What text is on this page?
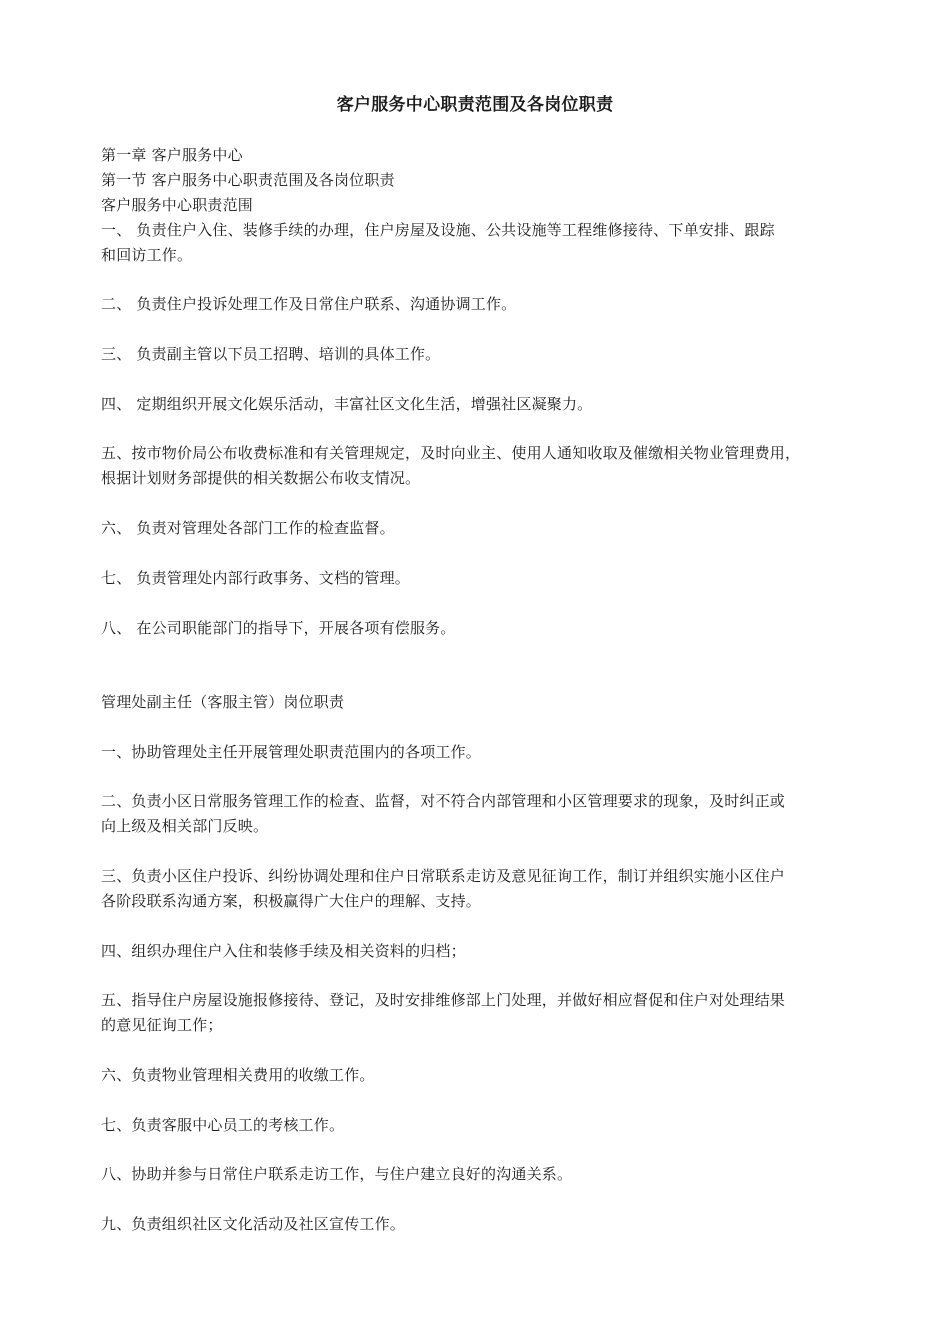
客户服务中心职责范围及各岗位职责
第一章 客户服务中心
第一节 客户服务中心职责范围及各岗位职责
客户服务中心职责范围
一、 负责住户入住、装修手续的办理，住户房屋及设施、公共设施等工程维修接待、下单安排、跟踪
和回访工作。
二、 负责住户投诉处理工作及日常住户联系、沟通协调工作。
三、 负责副主管以下员工招聘、培训的具体工作。
四、 定期组织开展文化娱乐活动，丰富社区文化生活，增强社区凝聚力。
五、按市物价局公布收费标准和有关管理规定，及时向业主、使用人通知收取及催缴相关物业管理费用，
根据计划财务部提供的相关数据公布收支情况。
六、 负责对管理处各部门工作的检查监督。
七、 负责管理处内部行政事务、文档的管理。
八、 在公司职能部门的指导下，开展各项有偿服务。
管理处副主任（客服主管）岗位职责
一、协助管理处主任开展管理处职责范围内的各项工作。
二、负责小区日常服务管理工作的检查、监督，对不符合内部管理和小区管理要求的现象，及时纠正或
向上级及相关部门反映。
三、负责小区住户投诉、纠纷协调处理和住户日常联系走访及意见征询工作，制订并组织实施小区住户
各阶段联系沟通方案，积极赢得广大住户的理解、支持。
四、组织办理住户入住和装修手续及相关资料的归档；
五、指导住户房屋设施报修接待、登记，及时安排维修部上门处理，并做好相应督促和住户对处理结果
的意见征询工作；
六、负责物业管理相关费用的收缴工作。
七、负责客服中心员工的考核工作。
八、协助并参与日常住户联系走访工作，与住户建立良好的沟通关系。
九、负责组织社区文化活动及社区宣传工作。
